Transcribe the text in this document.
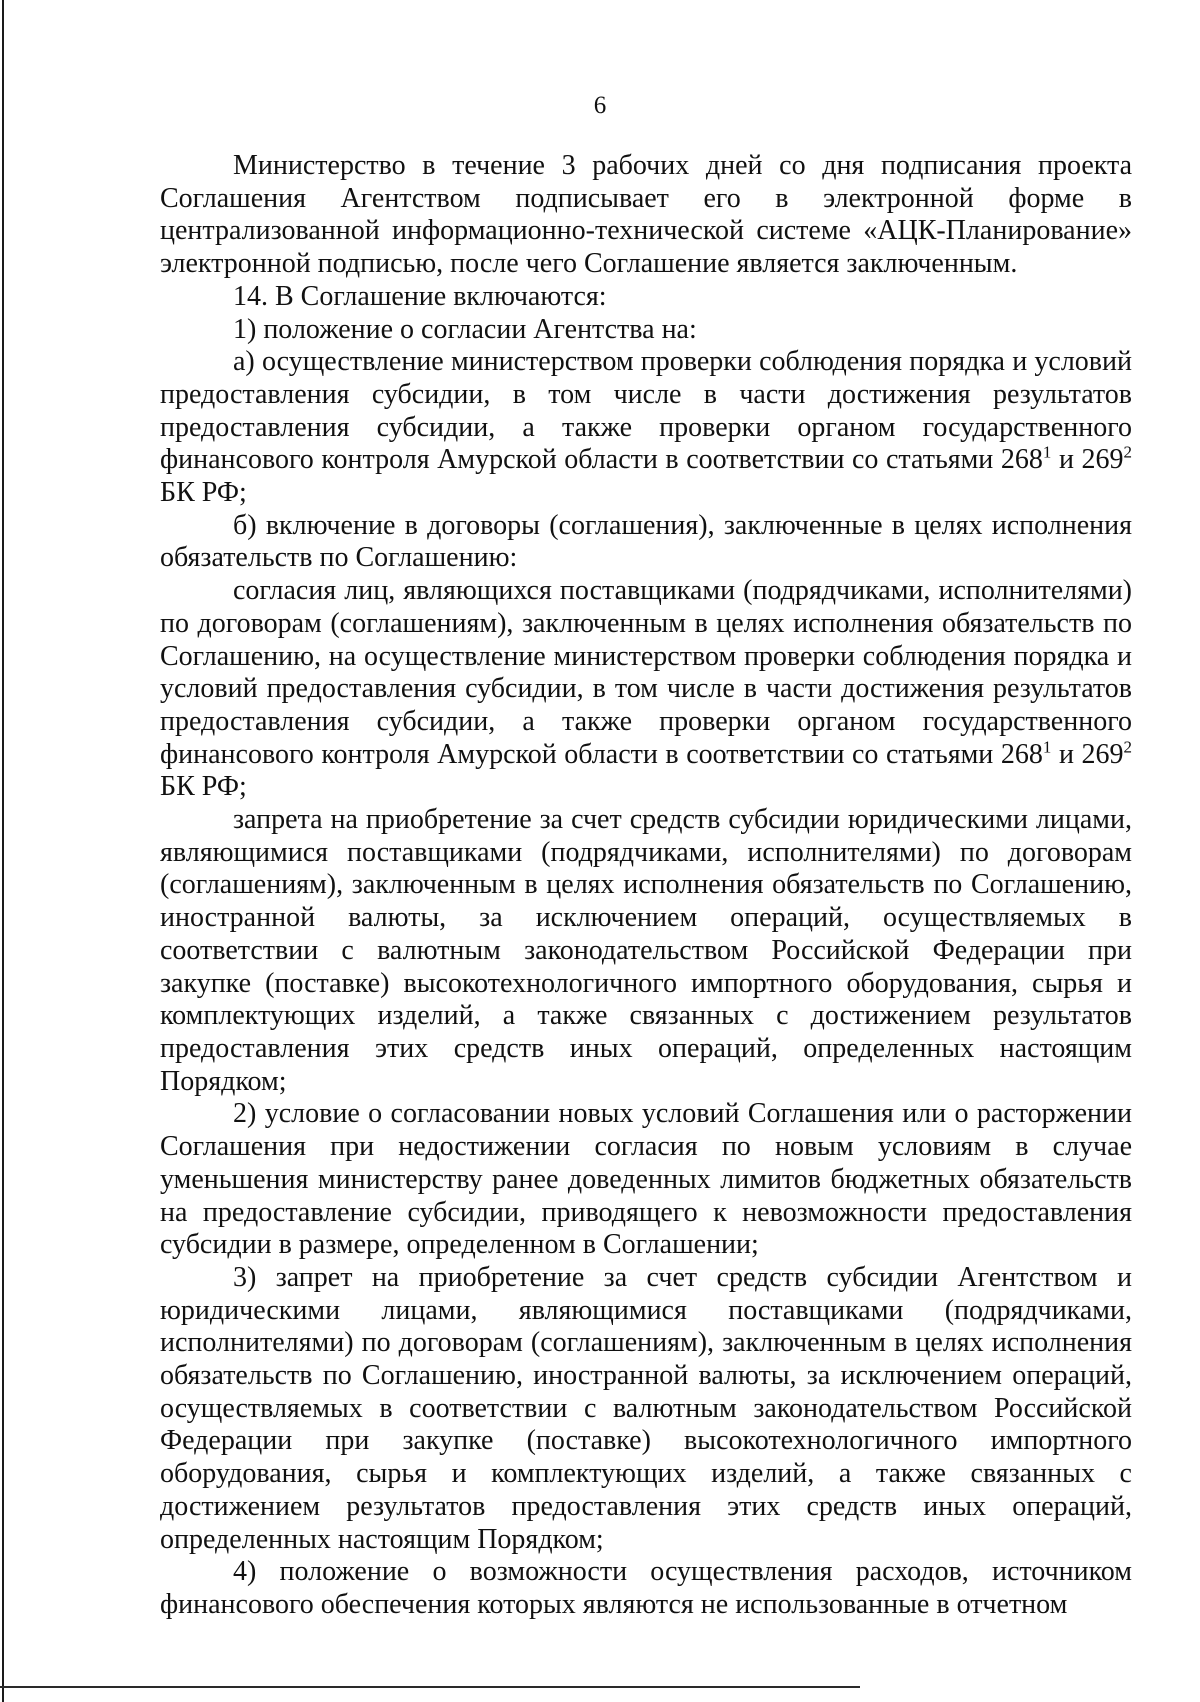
6

Министерство в течение 3 рабочих дней со дня подписания проекта Соглашения Агентством подписывает его в электронной форме в централизованной информационно-технической системе «АЦК-Планирование» электронной подписью, после чего Соглашение является заключенным.

14. В Соглашение включаются:

1) положение о согласии Агентства на:

а) осуществление министерством проверки соблюдения порядка и условий предоставления субсидии, в том числе в части достижения результатов предоставления субсидии, а также проверки органом государственного финансового контроля Амурской области в соответствии со статьями $268^1$ и $269^2$ БК РФ;

б) включение в договоры (соглашения), заключенные в целях исполнения обязательств по Соглашению:

согласия лиц, являющихся поставщиками (подрядчиками, исполнителями) по договорам (соглашениям), заключенным в целях исполнения обязательств по Соглашению, на осуществление министерством проверки соблюдения порядка и условий предоставления субсидии, в том числе в части достижения результатов предоставления субсидии, а также проверки органом государственного финансового контроля Амурской области в соответствии со статьями $268^1$ и $269^2$ БК РФ;

запрета на приобретение за счет средств субсидии юридическими лицами, являющимися поставщиками (подрядчиками, исполнителями) по договорам (соглашениям), заключенным в целях исполнения обязательств по Соглашению, иностранной валюты, за исключением операций, осуществляемых в соответствии с валютным законодательством Российской Федерации при закупке (поставке) высокотехнологичного импортного оборудования, сырья и комплектующих изделий, а также связанных с достижением результатов предоставления этих средств иных операций, определенных настоящим Порядком;

2) условие о согласовании новых условий Соглашения или о расторжении Соглашения при недостижении согласия по новым условиям в случае уменьшения министерству ранее доведенных лимитов бюджетных обязательств на предоставление субсидии, приводящего к невозможности предоставления субсидии в размере, определенном в Соглашении;

3) запрет на приобретение за счет средств субсидии Агентством и юридическими лицами, являющимися поставщиками (подрядчиками, исполнителями) по договорам (соглашениям), заключенным в целях исполнения обязательств по Соглашению, иностранной валюты, за исключением операций, осуществляемых в соответствии с валютным законодательством Российской Федерации при закупке (поставке) высокотехнологичного импортного оборудования, сырья и комплектующих изделий, а также связанных с достижением результатов предоставления этих средств иных операций, определенных настоящим Порядком;

4) положение о возможности осуществления расходов, источником финансового обеспечения которых являются не использованные в отчетном
